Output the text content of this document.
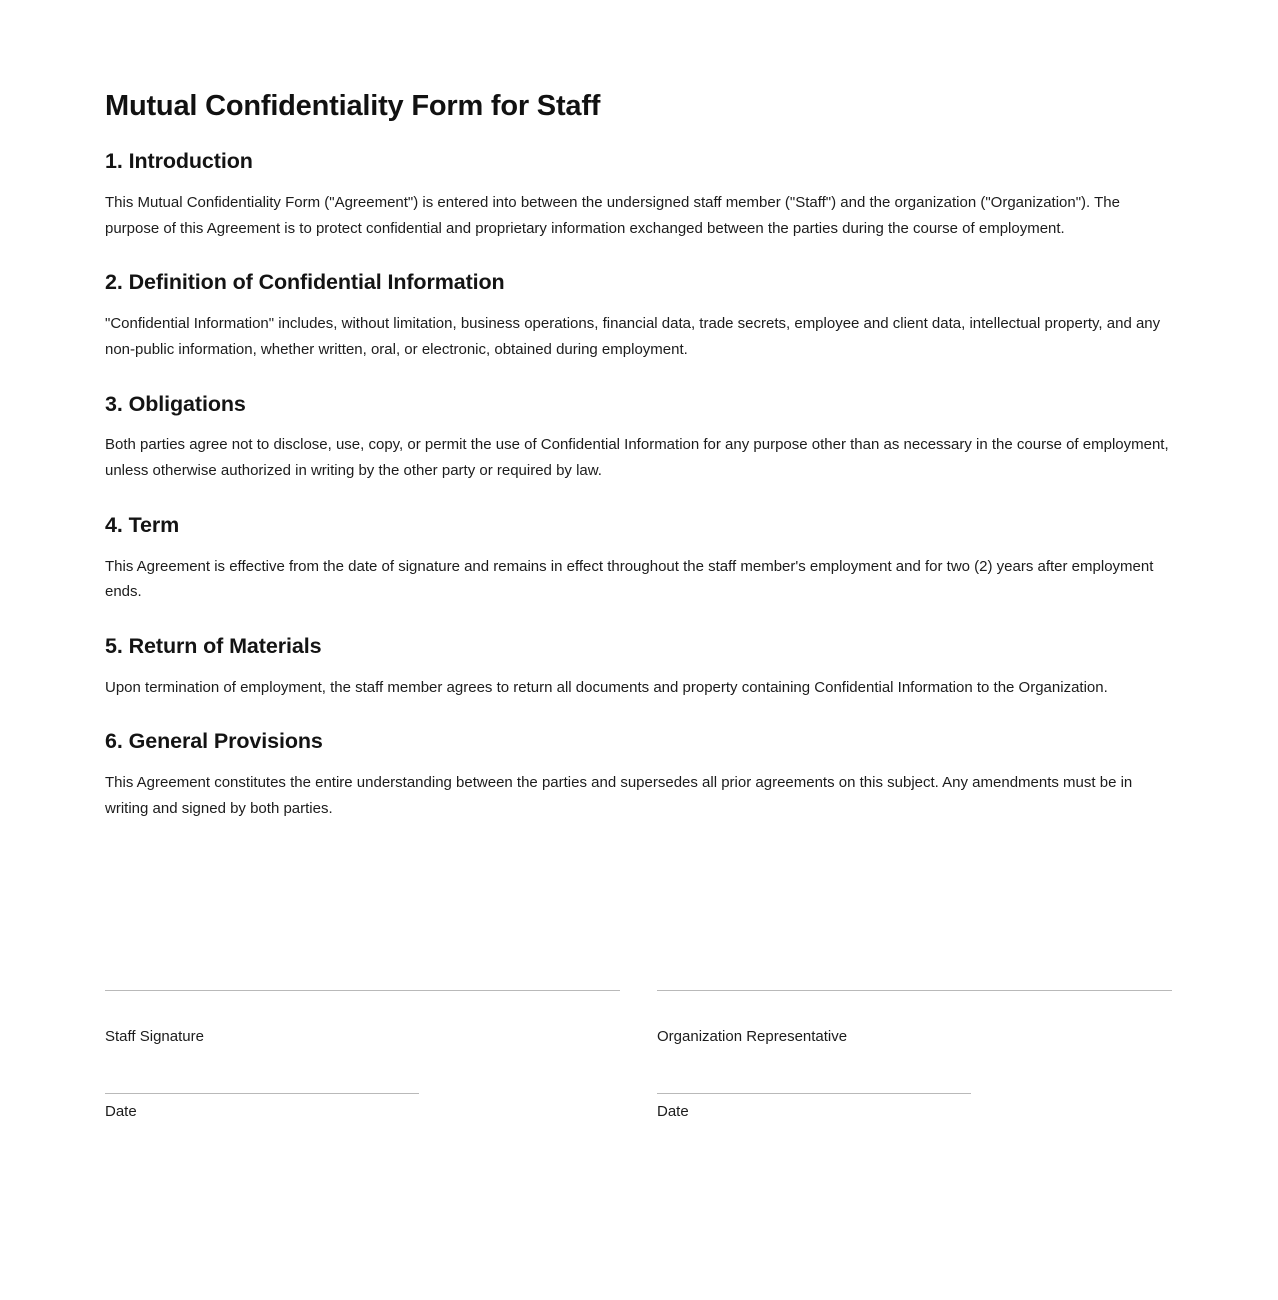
Mutual Confidentiality Form for Staff
1. Introduction

This Mutual Confidentiality Form ("Agreement") is entered into between the undersigned staff member ("Staff") and the organization ("Organization"). The purpose of this Agreement is to protect confidential and proprietary information exchanged between the parties during the course of employment.

2. Definition of Confidential Information

"Confidential Information" includes, without limitation, business operations, financial data, trade secrets, employee and client data, intellectual property, and any non-public information, whether written, oral, or electronic, obtained during employment.

3. Obligations

Both parties agree not to disclose, use, copy, or permit the use of Confidential Information for any purpose other than as necessary in the course of employment, unless otherwise authorized in writing by the other party or required by law.

4. Term

This Agreement is effective from the date of signature and remains in effect throughout the staff member's employment and for two (2) years after employment ends.

5. Return of Materials

Upon termination of employment, the staff member agrees to return all documents and property containing Confidential Information to the Organization.

6. General Provisions

This Agreement constitutes the entire understanding between the parties and supersedes all prior agreements on this subject. Any amendments must be in writing and signed by both parties.

Staff Signature
Date
Organization Representative
Date
